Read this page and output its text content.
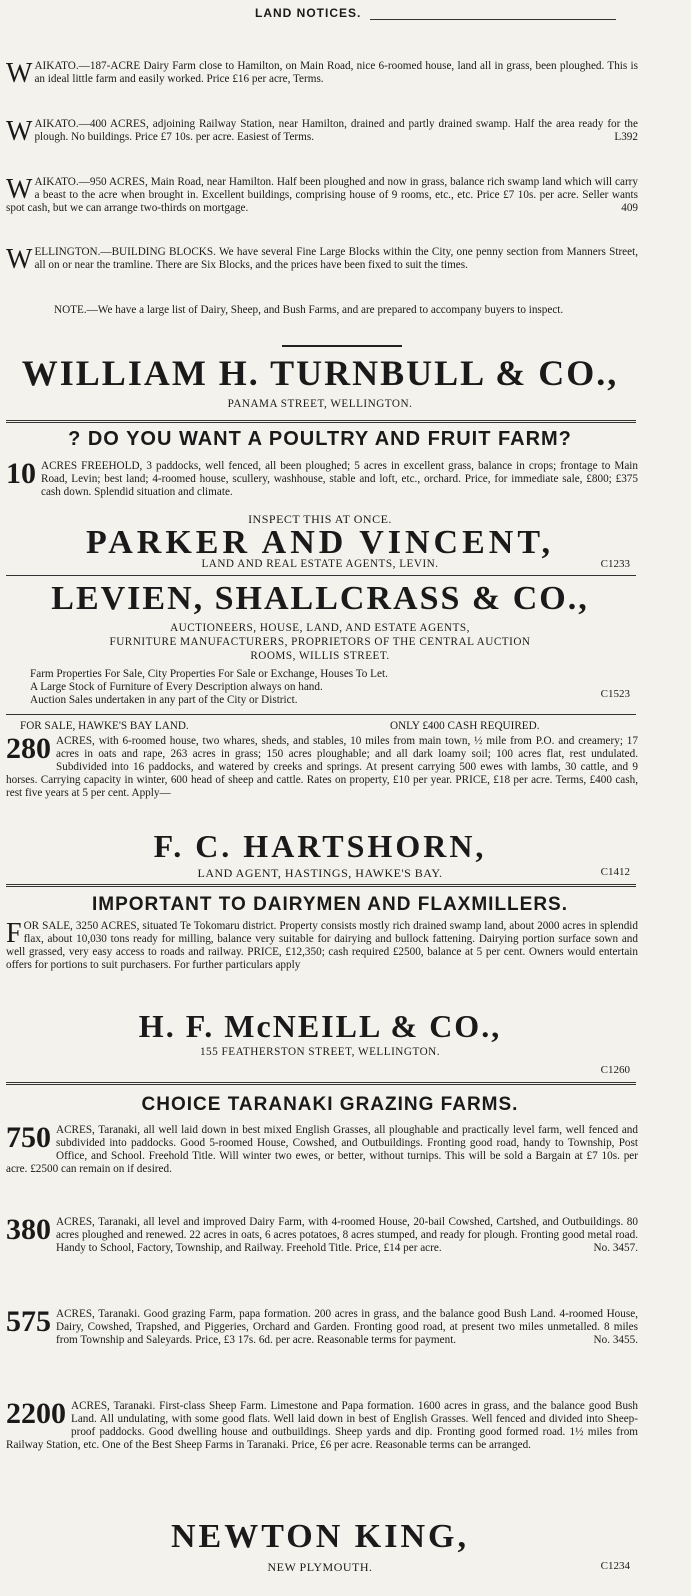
LAND NOTICES.

WAIKATO.—187-ACRE Dairy Farm close to Hamilton, on Main Road, nice 6-roomed house, land all in grass, been ploughed. This is an ideal little farm and easily worked. Price £16 per acre, Terms.

WAIKATO.—400 ACRES, adjoining Railway Station, near Hamilton, drained and partly drained swamp. Half the area ready for the plough. No buildings. Price £7 10s. per acre. Easiest of Terms.	L392

WAIKATO.—950 ACRES, Main Road, near Hamilton. Half been ploughed and now in grass, balance rich swamp land which will carry a beast to the acre when brought in. Excellent buildings, comprising house of 9 rooms, etc., etc. Price £7 10s. per acre. Seller wants spot cash, but we can arrange two-thirds on mortgage.	409

WELLINGTON.—BUILDING BLOCKS. We have several Fine Large Blocks within the City, one penny section from Manners Street, all on or near the tramline. There are Six Blocks, and the prices have been fixed to suit the times.

NOTE.—We have a large list of Dairy, Sheep, and Bush Farms, and are prepared to accompany buyers to inspect.
WILLIAM H. TURNBULL & CO.,
PANAMA STREET, WELLINGTON.
? DO YOU WANT A POULTRY AND FRUIT FARM?

10 ACRES FREEHOLD, 3 paddocks, well fenced, all been ploughed; 5 acres in excellent grass, balance in crops; frontage to Main Road, Levin; best land; 4-roomed house, scullery, washhouse, stable and loft, etc., orchard. Price, for immediate sale, £800; £375 cash down. Splendid situation and climate.

INSPECT THIS AT ONCE.
PARKER AND VINCENT,
LAND AND REAL ESTATE AGENTS, LEVIN.	C1233
LEVIEN, SHALLCRASS & CO.,
AUCTIONEERS, HOUSE, LAND, AND ESTATE AGENTS,
FURNITURE MANUFACTURERS, PROPRIETORS OF THE CENTRAL AUCTION
ROOMS, WILLIS STREET.
Farm Properties For Sale, City Properties For Sale or Exchange, Houses To Let.
A Large Stock of Furniture of Every Description always on hand.
Auction Sales undertaken in any part of the City or District.	C1523
FOR SALE, HAWKE'S BAY LAND.	ONLY £400 CASH REQUIRED.

280 ACRES, with 6-roomed house, two whares, sheds, and stables, 10 miles from main town, ½ mile from P.O. and creamery; 17 acres in oats and rape, 263 acres in grass; 150 acres ploughable; and all dark loamy soil; 100 acres flat, rest undulated. Subdivided into 16 paddocks, and watered by creeks and springs. At present carrying 500 ewes with lambs, 30 cattle, and 9 horses. Carrying capacity in winter, 600 head of sheep and cattle. Rates on property, £10 per year. PRICE, £18 per acre. Terms, £400 cash, rest five years at 5 per cent. Apply—

F. C. HARTSHORN,
LAND AGENT, HASTINGS, HAWKE'S BAY.	C1412
IMPORTANT TO DAIRYMEN AND FLAXMILLERS.

FOR SALE, 3250 ACRES, situated Te Tokomaru district. Property consists mostly rich drained swamp land, about 2000 acres in splendid flax, about 10,030 tons ready for milling, balance very suitable for dairying and bullock fattening. Dairying portion surface sown and well grassed, very easy access to roads and railway. PRICE, £12,350; cash required £2500, balance at 5 per cent. Owners would entertain offers for portions to suit purchasers. For further particulars apply

H. F. McNEILL & CO.,
155 FEATHERSTON STREET, WELLINGTON.
C1260
CHOICE TARANAKI GRAZING FARMS.

750 ACRES, Taranaki, all well laid down in best mixed English Grasses, all ploughable and practically level farm, well fenced and subdivided into paddocks. Good 5-roomed House, Cowshed, and Outbuildings. Fronting good road, handy to Township, Post Office, and School. Freehold Title. Will winter two ewes, or better, without turnips. This will be sold a Bargain at £7 10s. per acre. £2500 can remain on if desired.

380 ACRES, Taranaki, all level and improved Dairy Farm, with 4-roomed House, 20-bail Cowshed, Cartshed, and Outbuildings. 80 acres ploughed and renewed. 22 acres in oats, 6 acres potatoes, 8 acres stumped, and ready for plough. Fronting good metal road. Handy to School, Factory, Township, and Railway. Freehold Title. Price, £14 per acre.	No. 3457.

575 ACRES, Taranaki. Good grazing Farm, papa formation. 200 acres in grass, and the balance good Bush Land. 4-roomed House, Dairy, Cowshed, Trapshed, and Piggeries, Orchard and Garden. Fronting good road, at present two miles unmetalled. 8 miles from Township and Saleyards. Price, £3 17s. 6d. per acre. Reasonable terms for payment.	No. 3455.

2200 ACRES, Taranaki. First-class Sheep Farm. Limestone and Papa formation. 1600 acres in grass, and the balance good Bush Land. All undulating, with some good flats. Well laid down in best of English Grasses. Well fenced and divided into Sheep-proof paddocks. Good dwelling house and outbuildings. Sheep yards and dip. Fronting good formed road. 1½ miles from Railway Station, etc. One of the Best Sheep Farms in Taranaki. Price, £6 per acre. Reasonable terms can be arranged.

NEWTON KING,
NEW PLYMOUTH.	C1234
